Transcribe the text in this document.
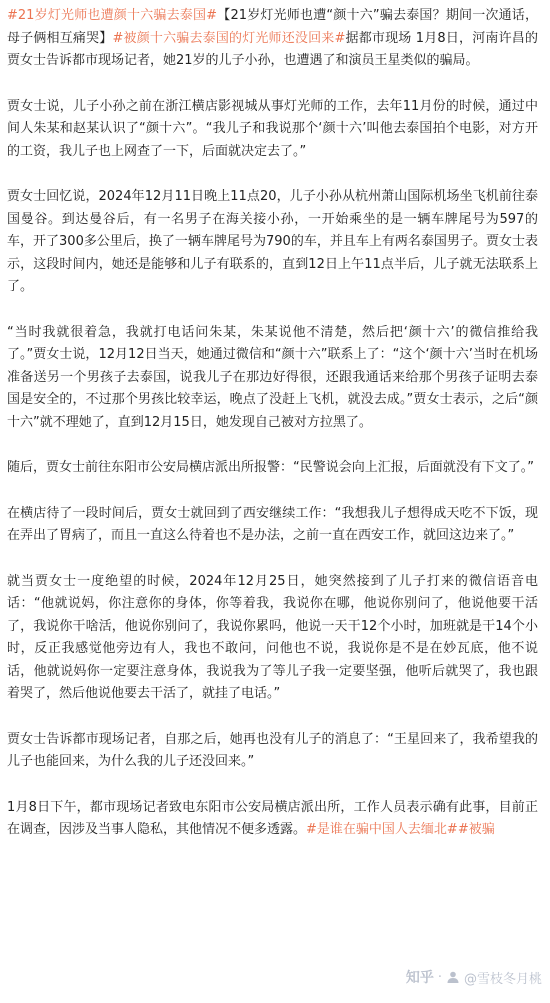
#21岁灯光师也遭颜十六骗去泰国#【21岁灯光师也遭“颜十六”骗去泰国？期间一次通话，母子俩相互痛哭】#被颜十六骗去泰国的灯光师还没回来#据都市现场 1月8日，河南许昌的贾女士告诉都市现场记者，她21岁的儿子小孙，也遭遇了和演员王星类似的骗局。

贾女士说，儿子小孙之前在浙江横店影视城从事灯光师的工作，去年11月份的时候，通过中间人朱某和赵某认识了“颜十六”。“我儿子和我说那个‘颜十六’叫他去泰国拍个电影，对方开的工资，我儿子也上网查了一下，后面就决定去了。”

贾女士回忆说，2024年12月11日晚上11点20，儿子小孙从杭州萧山国际机场坐飞机前往泰国曼谷。到达曼谷后，有一名男子在海关接小孙，一开始乘坐的是一辆车牌尾号为597的车，开了300多公里后，换了一辆车牌尾号为790的车，并且车上有两名泰国男子。贾女士表示，这段时间内，她还是能够和儿子有联系的，直到12日上午11点半后，儿子就无法联系上了。

“当时我就很着急，我就打电话问朱某，朱某说他不清楚，然后把‘颜十六’的微信推给我了。”贾女士说，12月12日当天，她通过微信和“颜十六”联系上了：“这个‘颜十六’当时在机场准备送另一个男孩子去泰国，说我儿子在那边好得很，还跟我通话来给那个男孩子证明去泰国是安全的，不过那个男孩比较幸运，晚点了没赶上飞机，就没去成。”贾女士表示，之后“颜十六”就不理她了，直到12月15日，她发现自己被对方拉黑了。

随后，贾女士前往东阳市公安局横店派出所报警：“民警说会向上汇报，后面就没有下文了。”

在横店待了一段时间后，贾女士就回到了西安继续工作：“我想我儿子想得成天吃不下饭，现在弄出了胃病了，而且一直这么待着也不是办法，之前一直在西安工作，就回这边来了。”

就当贾女士一度绝望的时候，2024年12月25日，她突然接到了儿子打来的微信语音电话：“他就说妈，你注意你的身体，你等着我，我说你在哪，他说你别问了，他说他要干活了，我说你干啥活，他说你别问了，我说你累吗，他说一天干12个小时，加班就是干14个小时，反正我感觉他旁边有人，我也不敢问，问他也不说，我说你是不是在妙瓦底，他不说话，他就说妈你一定要注意身体，我说我为了等儿子我一定要坚强，他听后就哭了，我也跟着哭了，然后他说他要去干活了，就挂了电话。”

贾女士告诉都市现场记者，自那之后，她再也没有儿子的消息了：“王星回来了，我希望我的儿子也能回来，为什么我的儿子还没回来。”

1月8日下午，都市现场记者致电东阳市公安局横店派出所，工作人员表示确有此事，目前正在调查，因涉及当事人隐私，其他情况不便多透露。#是谁在骗中国人去缅北##被骗

知乎 · @雪枝冬月桃
